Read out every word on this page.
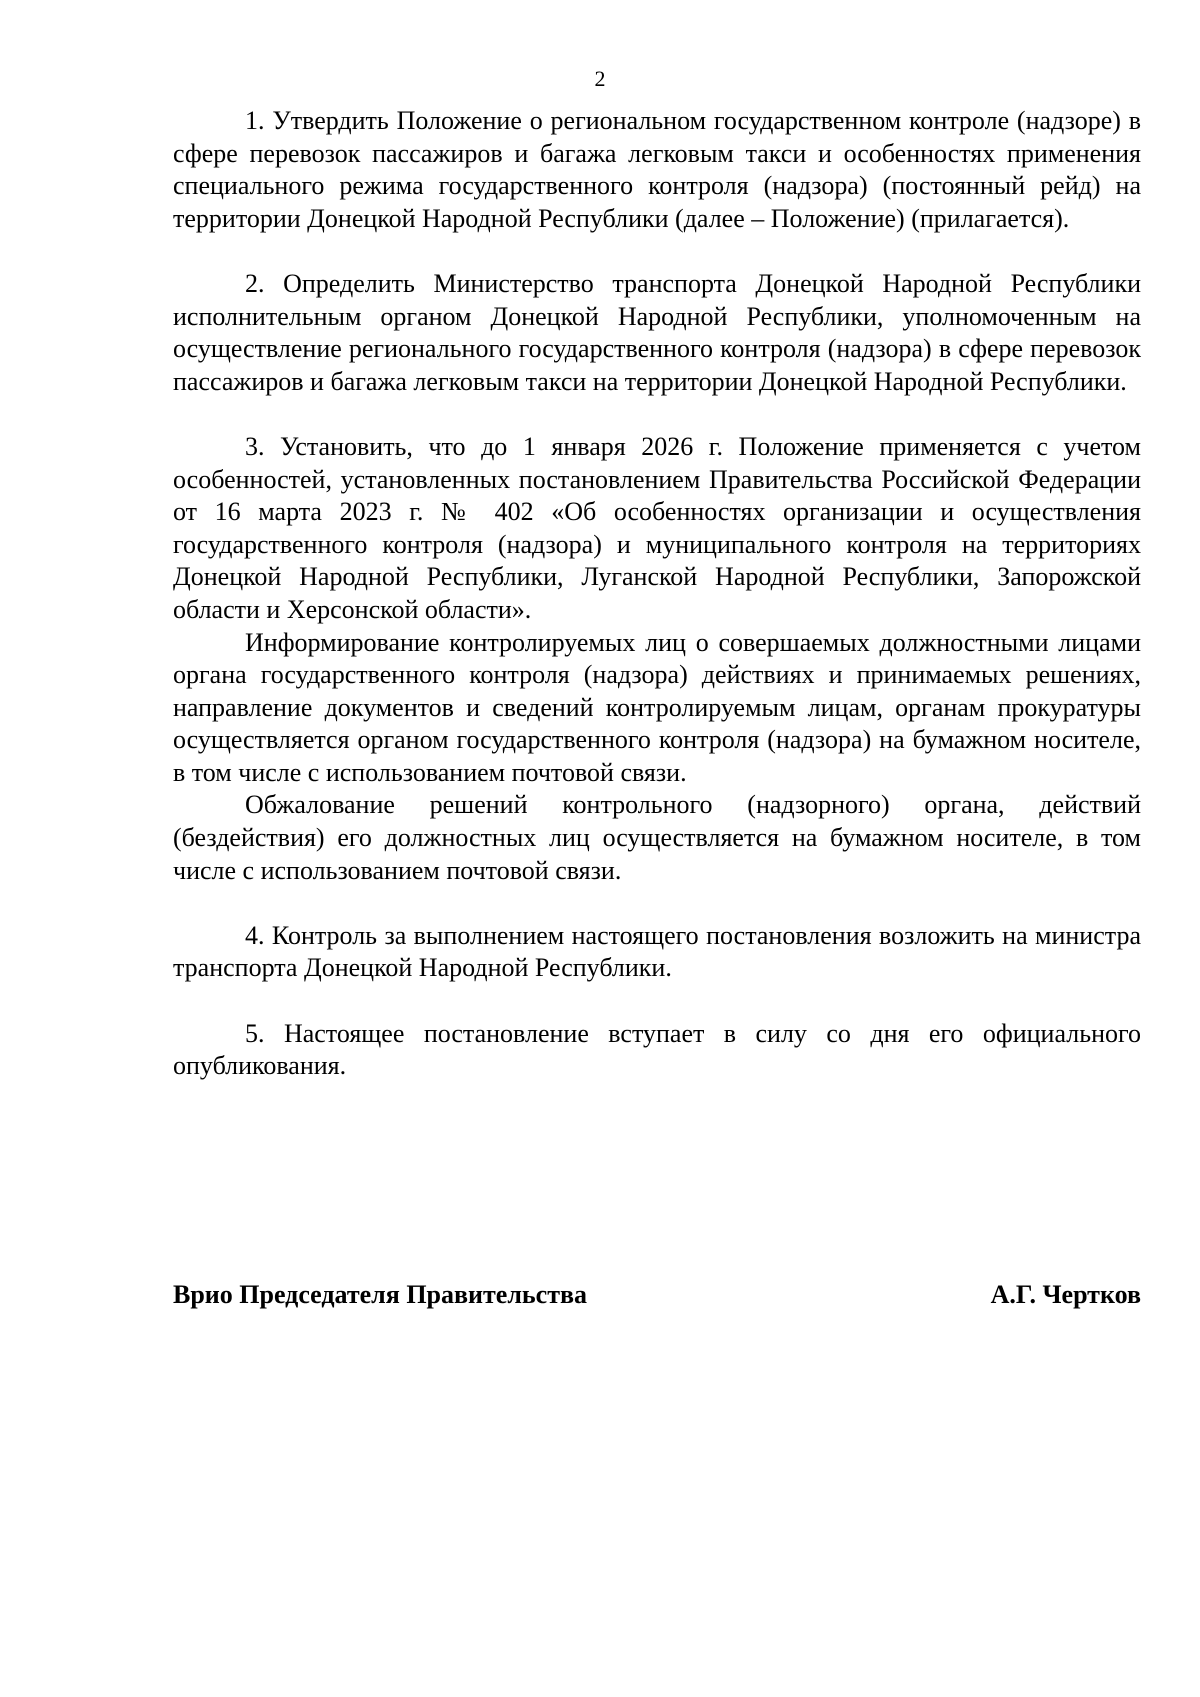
2

1. Утвердить Положение о региональном государственном контроле (надзоре) в сфере перевозок пассажиров и багажа легковым такси и особенностях применения специального режима государственного контроля (надзора) (постоянный рейд) на территории Донецкой Народной Республики (далее – Положение) (прилагается).

2. Определить Министерство транспорта Донецкой Народной Республики исполнительным органом Донецкой Народной Республики, уполномоченным на осуществление регионального государственного контроля (надзора) в сфере перевозок пассажиров и багажа легковым такси на территории Донецкой Народной Республики.

3. Установить, что до 1 января 2026 г. Положение применяется с учетом особенностей, установленных постановлением Правительства Российской Федерации от 16 марта 2023 г. № 402 «Об особенностях организации и осуществления государственного контроля (надзора) и муниципального контроля на территориях Донецкой Народной Республики, Луганской Народной Республики, Запорожской области и Херсонской области».

Информирование контролируемых лиц о совершаемых должностными лицами органа государственного контроля (надзора) действиях и принимаемых решениях, направление документов и сведений контролируемым лицам, органам прокуратуры осуществляется органом государственного контроля (надзора) на бумажном носителе, в том числе с использованием почтовой связи.

Обжалование решений контрольного (надзорного) органа, действий (бездействия) его должностных лиц осуществляется на бумажном носителе, в том числе с использованием почтовой связи.

4. Контроль за выполнением настоящего постановления возложить на министра транспорта Донецкой Народной Республики.

5. Настоящее постановление вступает в силу со дня его официального опубликования.

Врио Председателя Правительства	А.Г. Чертков
